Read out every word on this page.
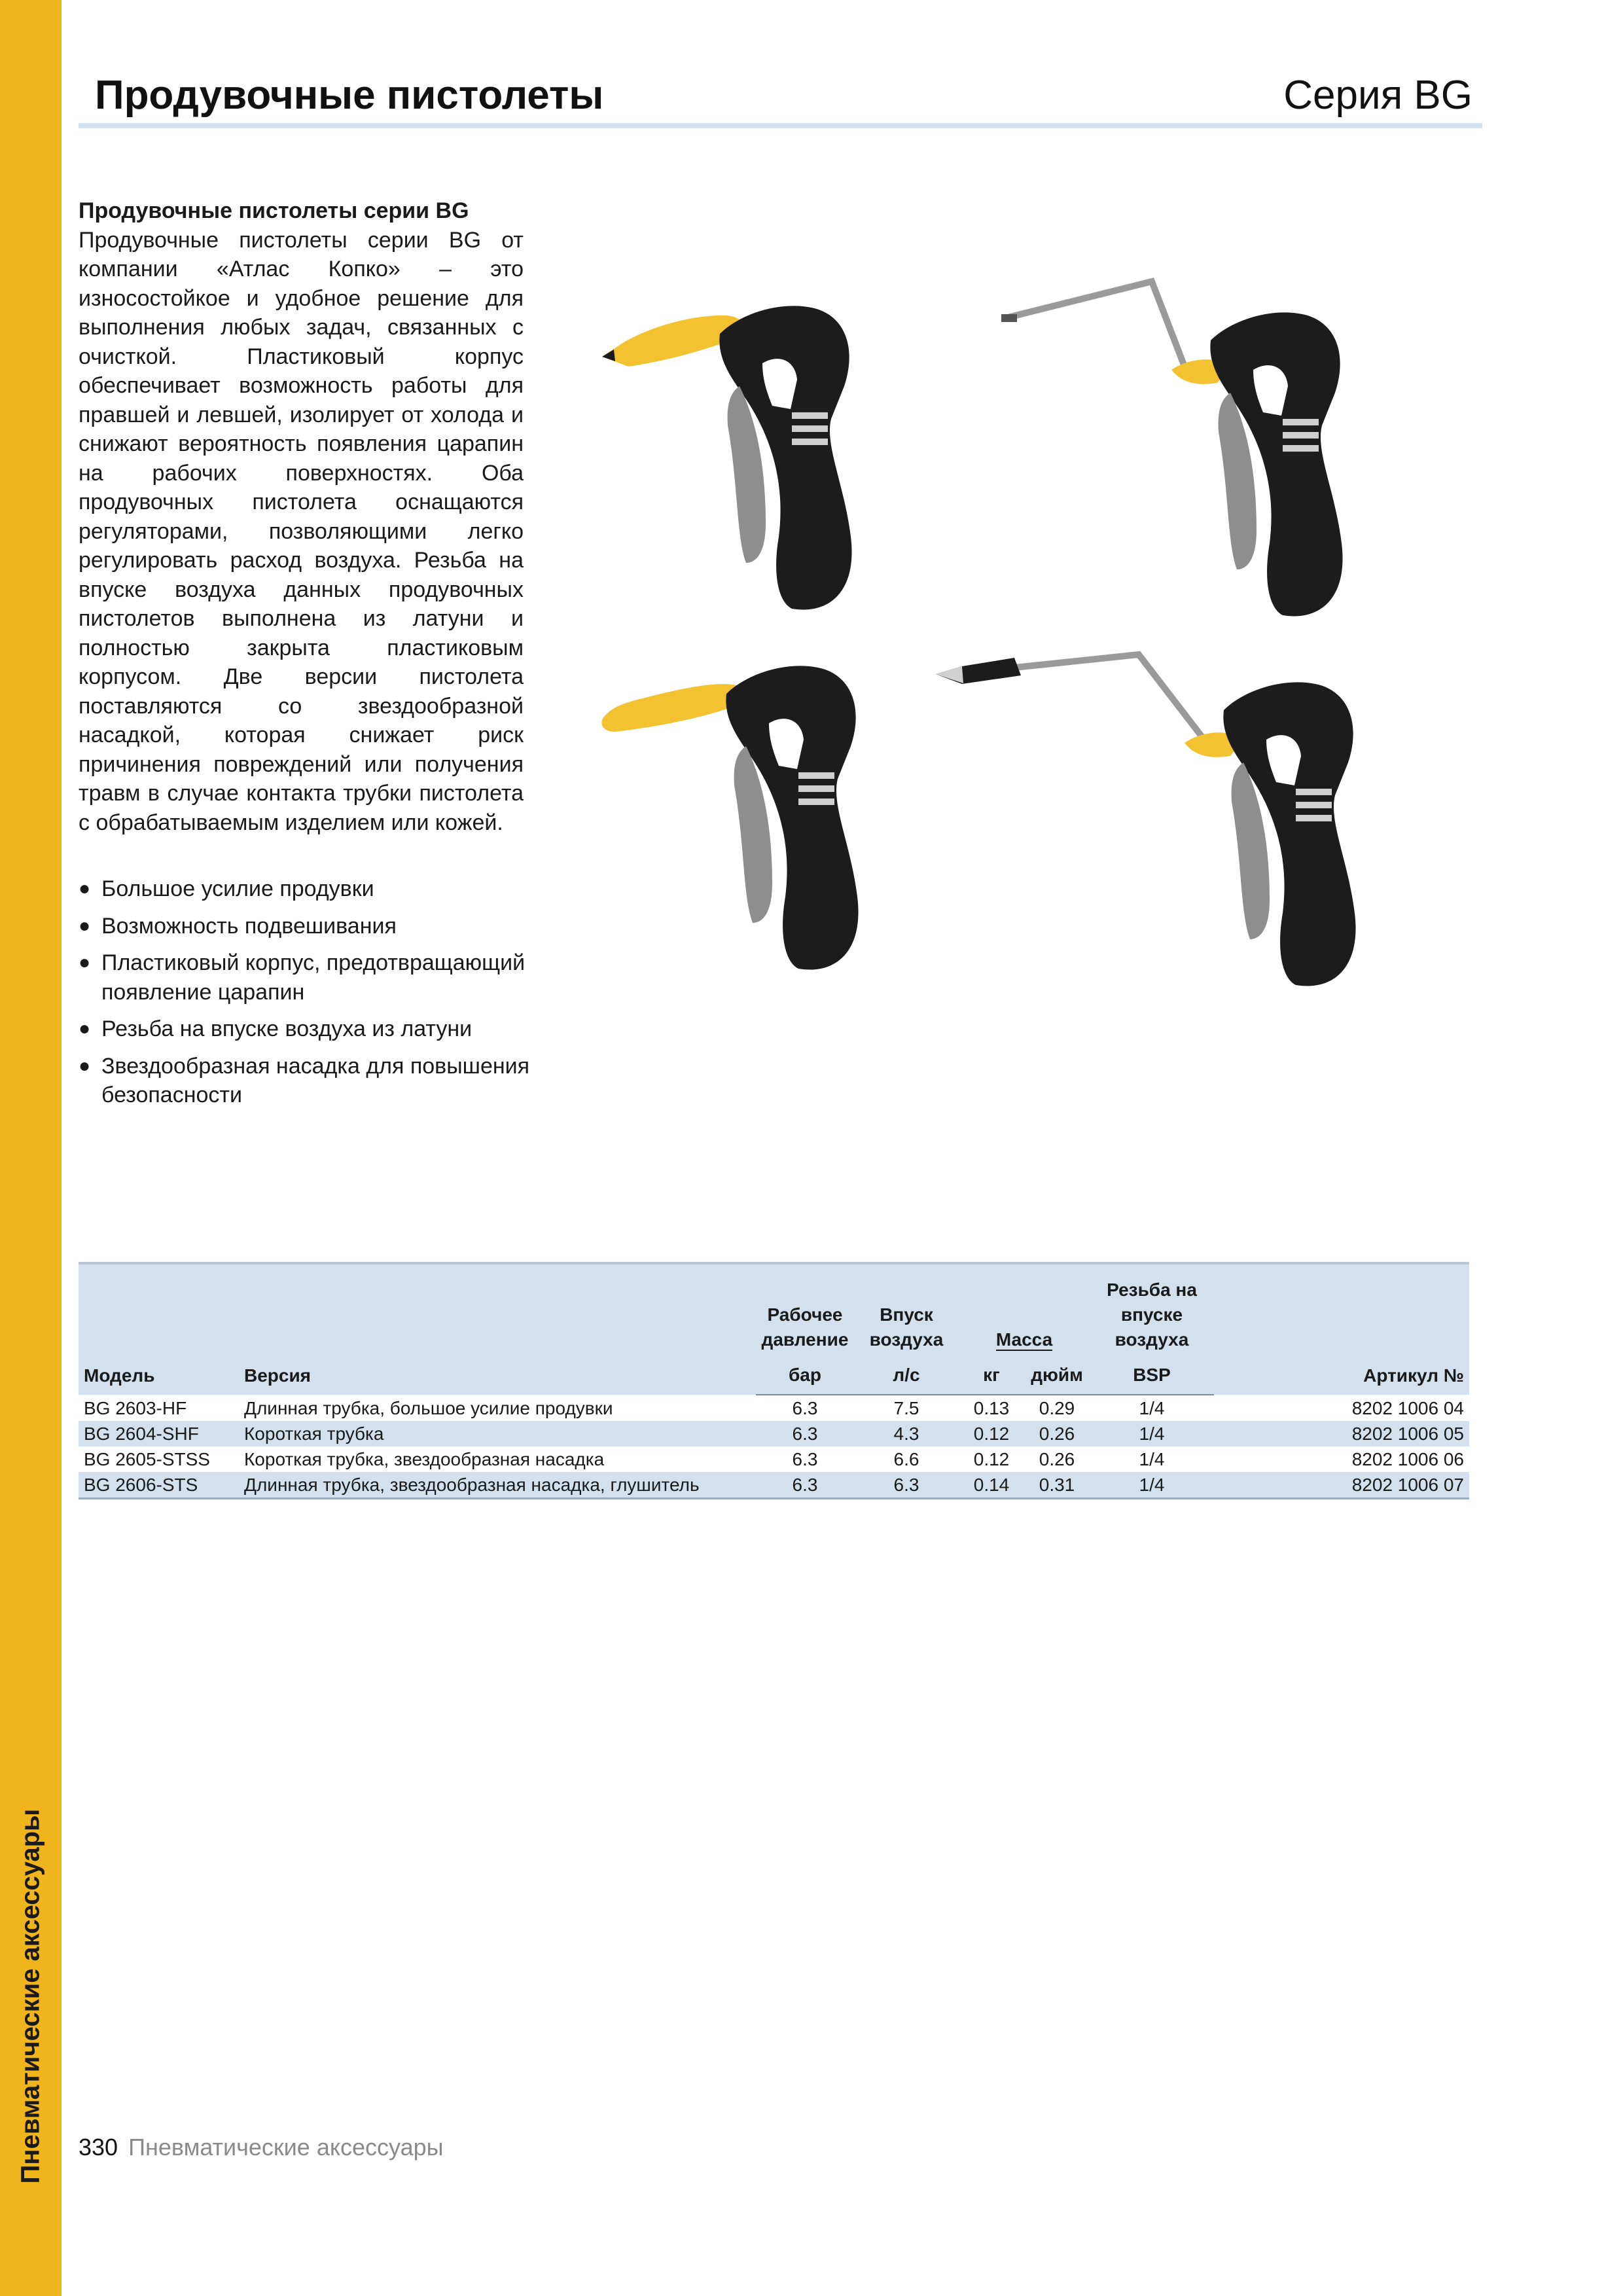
Пневматические аксессуары
Продувочные пистолеты	Серия BG
Продувочные пистолеты серии BG
Продувочные пистолеты серии BG от компании «Атлас Копко» – это износостойкое и удобное решение для выполнения любых задач, связанных с очисткой. Пластиковый корпус обеспечивает возможность работы для правшей и левшей, изолирует от холода и снижают вероятность появления царапин на рабочих поверхностях. Оба продувочных пистолета оснащаются регуляторами, позволяющими легко регулировать расход воздуха. Резьба на впуске воздуха данных продувочных пистолетов выполнена из латуни и полностью закрыта пластиковым корпусом. Две версии пистолета поставляются со звездообразной насадкой, которая снижает риск причинения повреждений или получения травм в случае контакта трубки пистолета с обрабатываемым изделием или кожей.
● Большое усилие продувки
● Возможность подвешивания
● Пластиковый корпус, предотвращающий появление царапин
● Резьба на впуске воздуха из латуни
● Звездообразная насадка для повышения безопасности
Модель	Версия	Рабочее давление	Впуск воздуха	Масса		Резьба на впуске воздуха	Артикул №
		бар	л/с	кг	дюйм	BSP	
BG 2603-HF	Длинная трубка, большое усилие продувки	6.3	7.5	0.13	0.29	1/4	8202 1006 04
BG 2604-SHF	Короткая трубка	6.3	4.3	0.12	0.26	1/4	8202 1006 05
BG 2605-STSS	Короткая трубка, звездообразная насадка	6.3	6.6	0.12	0.26	1/4	8202 1006 06
BG 2606-STS	Длинная трубка, звездообразная насадка, глушитель	6.3	6.3	0.14	0.31	1/4	8202 1006 07
330 Пневматические аксессуары
